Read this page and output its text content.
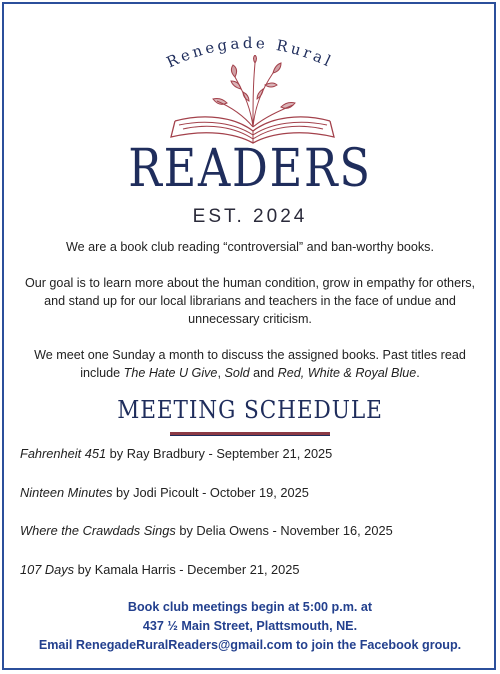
Renegade Rural
READERS
EST. 2024

We are a book club reading “controversial” and ban-worthy books.

Our goal is to learn more about the human condition, grow in empathy for others, and stand up for our local librarians and teachers in the face of undue and unnecessary criticism.

We meet one Sunday a month to discuss the assigned books. Past titles read include The Hate U Give, Sold and Red, White & Royal Blue.

MEETING SCHEDULE
Fahrenheit 451 by Ray Bradbury - September 21, 2025
Ninteen Minutes by Jodi Picoult - October 19, 2025
Where the Crawdads Sings by Delia Owens - November 16, 2025
107 Days by Kamala Harris - December 21, 2025
Book club meetings begin at 5:00 p.m. at
437 ½ Main Street, Plattsmouth, NE.
Email RenegadeRuralReaders@gmail.com to join the Facebook group.
